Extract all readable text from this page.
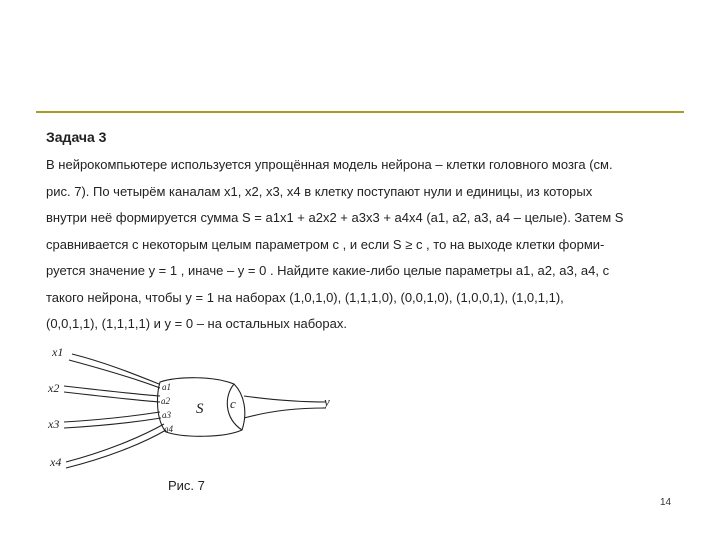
Задача 3
В нейрокомпьютере используется упрощённая модель нейрона – клетки головного мозга (см.
рис. 7). По четырём каналам x1, x2, x3, x4 в клетку поступают нули и единицы, из которых
внутри неё формируется сумма S = a1x1 + a2x2 + a3x3 + a4x4 (a1, a2, a3, a4 – целые). Затем S
сравнивается с некоторым целым параметром c , и если S ≥ c , то на выходе клетки форми-
руется значение y = 1 , иначе – y = 0 . Найдите какие-либо целые параметры a1, a2, a3, a4, c
такого нейрона, чтобы y = 1 на наборах (1,0,1,0), (1,1,1,0), (0,0,1,0), (1,0,0,1), (1,0,1,1),
(0,0,1,1), (1,1,1,1) и y = 0 – на остальных наборах.
x1
x2
x3
x4
a1
a2
a3
a4
S c	y
Рис. 7
14
